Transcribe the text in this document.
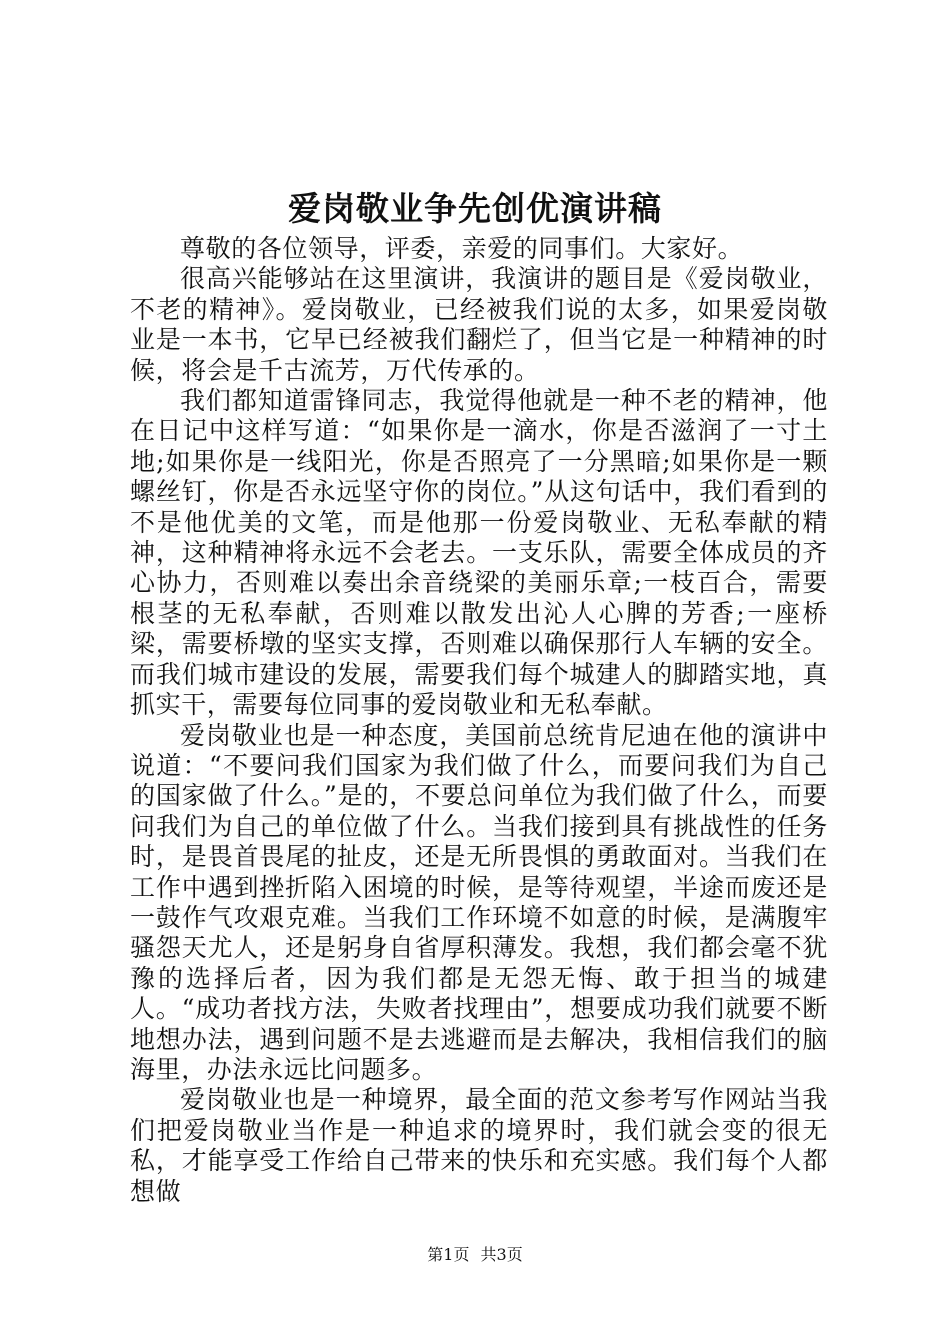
爱岗敬业争先创优演讲稿

尊敬的各位领导，评委，亲爱的同事们。大家好。

很高兴能够站在这里演讲，我演讲的题目是《爱岗敬业，不老的精神》。爱岗敬业，已经被我们说的太多，如果爱岗敬业是一本书，它早已经被我们翻烂了，但当它是一种精神的时候，将会是千古流芳，万代传承的。

我们都知道雷锋同志，我觉得他就是一种不老的精神，他在日记中这样写道：“如果你是一滴水，你是否滋润了一寸土地;如果你是一线阳光，你是否照亮了一分黑暗;如果你是一颗螺丝钉，你是否永远坚守你的岗位。”从这句话中，我们看到的不是他优美的文笔，而是他那一份爱岗敬业、无私奉献的精神，这种精神将永远不会老去。一支乐队，需要全体成员的齐心协力，否则难以奏出余音绕梁的美丽乐章;一枝百合，需要根茎的无私奉献，否则难以散发出沁人心脾的芳香;一座桥梁，需要桥墩的坚实支撑，否则难以确保那行人车辆的安全。而我们城市建设的发展，需要我们每个城建人的脚踏实地，真抓实干，需要每位同事的爱岗敬业和无私奉献。

爱岗敬业也是一种态度，美国前总统肯尼迪在他的演讲中说道：“不要问我们国家为我们做了什么，而要问我们为自己的国家做了什么。”是的，不要总问单位为我们做了什么，而要问我们为自己的单位做了什么。当我们接到具有挑战性的任务时，是畏首畏尾的扯皮，还是无所畏惧的勇敢面对。当我们在工作中遇到挫折陷入困境的时候，是等待观望，半途而废还是一鼓作气攻艰克难。当我们工作环境不如意的时候，是满腹牢骚怨天尤人，还是躬身自省厚积薄发。我想，我们都会毫不犹豫的选择后者，因为我们都是无怨无悔、敢于担当的城建人。“成功者找方法，失败者找理由”，想要成功我们就要不断地想办法，遇到问题不是去逃避而是去解决，我相信我们的脑海里，办法永远比问题多。

爱岗敬业也是一种境界，最全面的范文参考写作网站当我们把爱岗敬业当作是一种追求的境界时，我们就会变的很无私，才能享受工作给自己带来的快乐和充实感。我们每个人都想做

第1页 共3页
